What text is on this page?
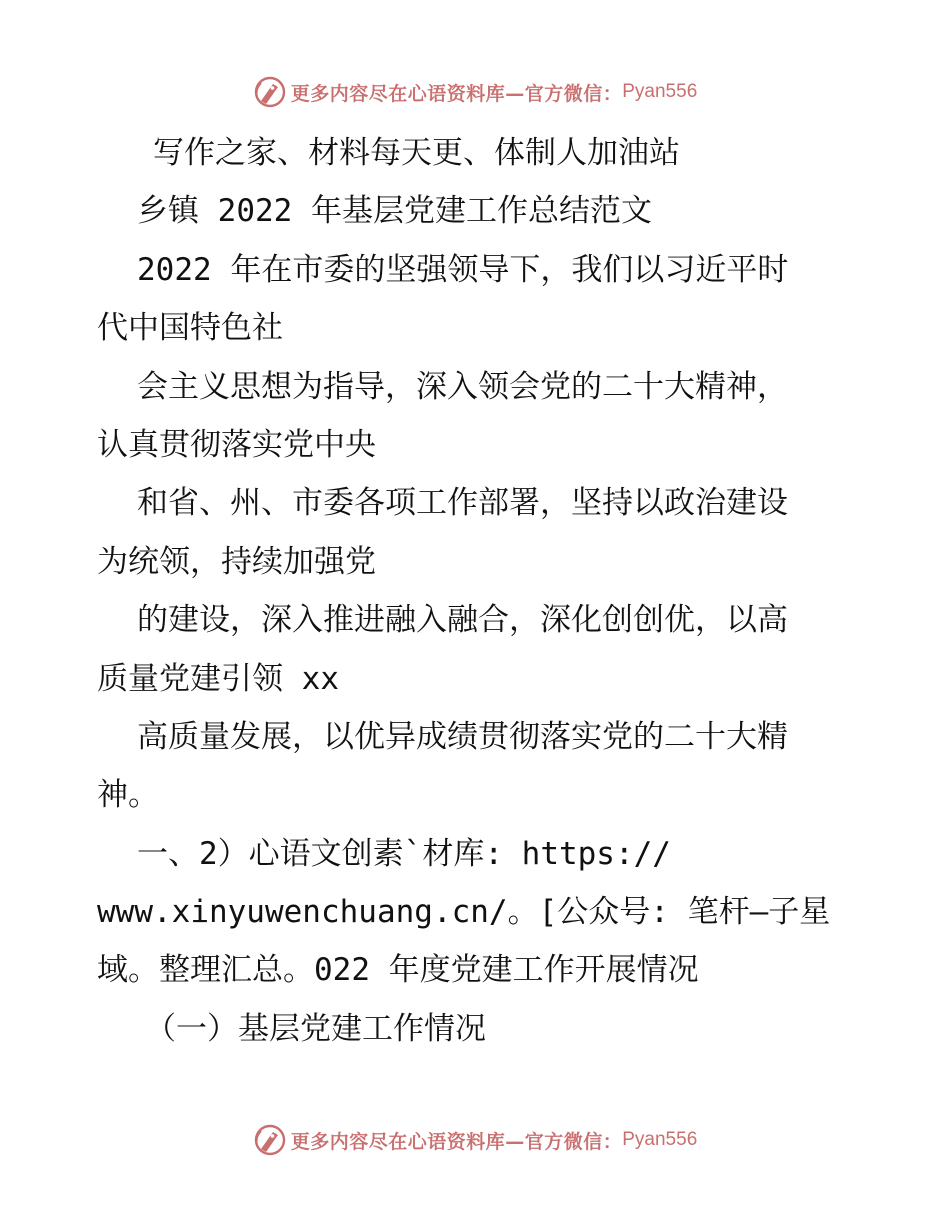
更多内容尽在心语资料库—官方微信： Pyan556
写作之家、材料每天更、体制人加油站
乡镇 2022 年基层党建工作总结范文
2022 年在市委的坚强领导下，我们以习近平时
代中国特色社
会主义思想为指导，深入领会党的二十大精神，
认真贯彻落实党中央
和省、州、市委各项工作部署，坚持以政治建设
为统领，持续加强党
的建设，深入推进融入融合，深化创创优，以高
质量党建引领 xx
高质量发展，以优异成绩贯彻落实党的二十大精
神。
一、2）心语文创素`材库: https://
www.xinyuwenchuang.cn/。[公众号: 笔杆—子星
域。整理汇总。022 年度党建工作开展情况
（一）基层党建工作情况
更多内容尽在心语资料库—官方微信： Pyan556
